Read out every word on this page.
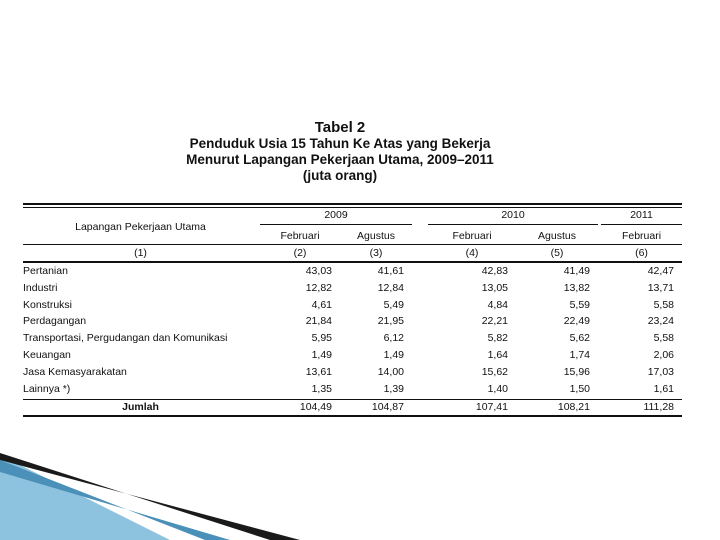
Tabel 2
Penduduk Usia 15 Tahun Ke Atas yang Bekerja
Menurut Lapangan Pekerjaan Utama, 2009–2011
(juta orang)
Lapangan Pekerjaan Utama
2009	2010	2011
Februari	Agustus	Februari	Agustus	Februari
(1)	(2)	(3)	(4)	(5)	(6)
Pertanian	43,03	41,61	42,83	41,49	42,47
Industri	12,82	12,84	13,05	13,82	13,71
Konstruksi	4,61	5,49	4,84	5,59	5,58
Perdagangan	21,84	21,95	22,21	22,49	23,24
Transportasi, Pergudangan dan Komunikasi	5,95	6,12	5,82	5,62	5,58
Keuangan	1,49	1,49	1,64	1,74	2,06
Jasa Kemasyarakatan	13,61	14,00	15,62	15,96	17,03
Lainnya *)	1,35	1,39	1,40	1,50	1,61
Jumlah	104,49	104,87	107,41	108,21	111,28
